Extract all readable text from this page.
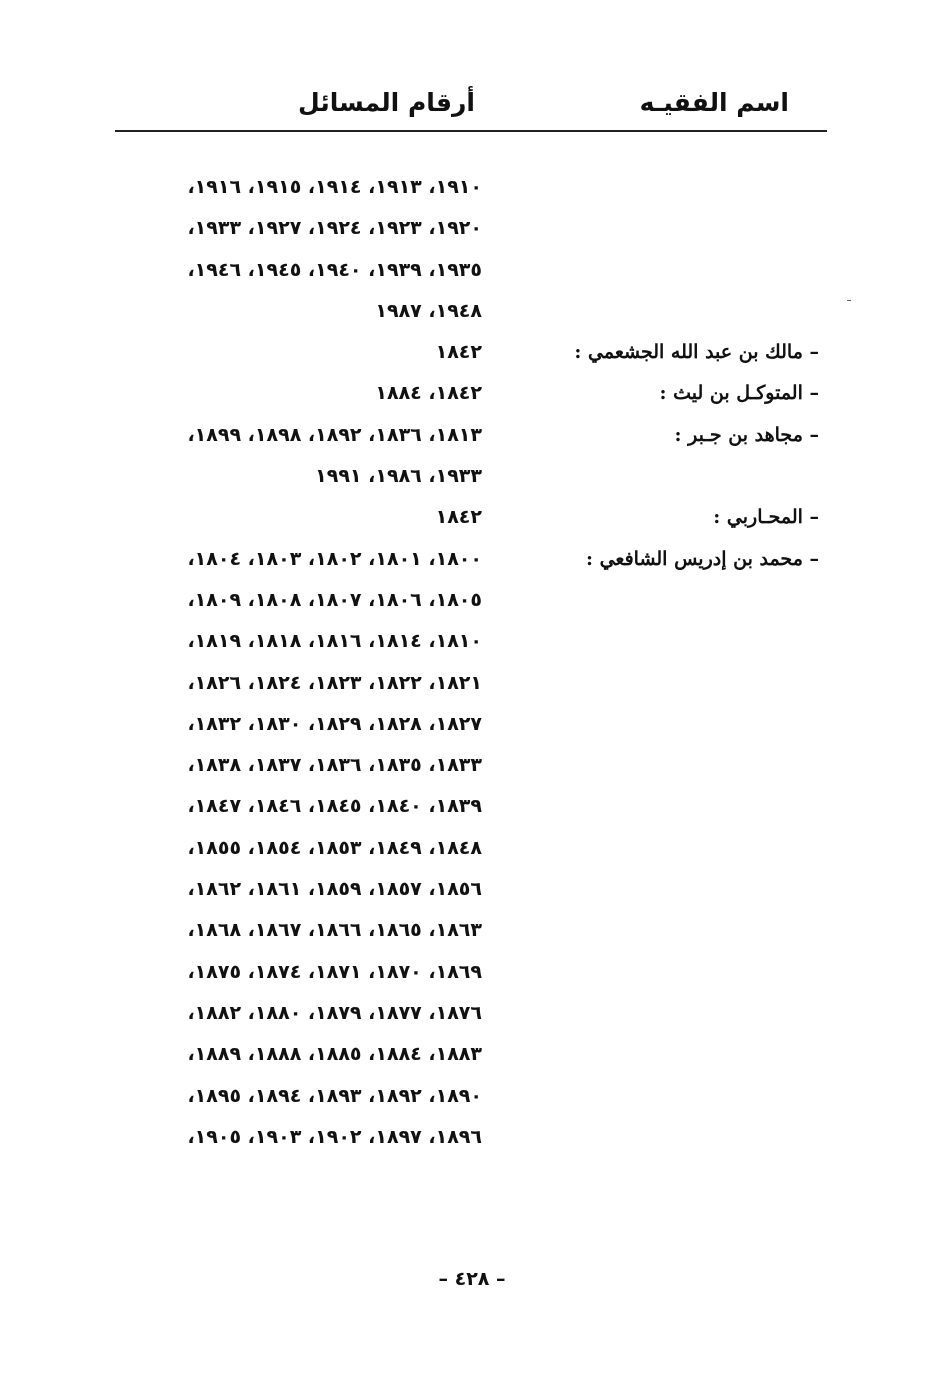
اسم الفقيـه
أرقام المسائل
١٩١٠، ١٩١٣، ١٩١٤، ١٩١٥، ١٩١٦،
١٩٢٠، ١٩٢٣، ١٩٢٤، ١٩٢٧، ١٩٣٣،
١٩٣٥، ١٩٣٩، ١٩٤٠، ١٩٤٥، ١٩٤٦،
١٩٤٨، ١٩٨٧
– مالك بن عبد الله الجشعمي :
١٨٤٢
– المتوكـل بن ليث :
١٨٤٢، ١٨٨٤
– مجاهد بن جـبر :
١٨١٣، ١٨٣٦، ١٨٩٢، ١٨٩٨، ١٨٩٩،
١٩٣٣، ١٩٨٦، ١٩٩١
– المحـاربي :
١٨٤٢
– محمد بن إدريس الشافعي :
١٨٠٠، ١٨٠١، ١٨٠٢، ١٨٠٣، ١٨٠٤،
١٨٠٥، ١٨٠٦، ١٨٠٧، ١٨٠٨، ١٨٠٩،
١٨١٠، ١٨١٤، ١٨١٦، ١٨١٨، ١٨١٩،
١٨٢١، ١٨٢٢، ١٨٢٣، ١٨٢٤، ١٨٢٦،
١٨٢٧، ١٨٢٨، ١٨٢٩، ١٨٣٠، ١٨٣٢،
١٨٣٣، ١٨٣٥، ١٨٣٦، ١٨٣٧، ١٨٣٨،
١٨٣٩، ١٨٤٠، ١٨٤٥، ١٨٤٦، ١٨٤٧،
١٨٤٨، ١٨٤٩، ١٨٥٣، ١٨٥٤، ١٨٥٥،
١٨٥٦، ١٨٥٧، ١٨٥٩، ١٨٦١، ١٨٦٢،
١٨٦٣، ١٨٦٥، ١٨٦٦، ١٨٦٧، ١٨٦٨،
١٨٦٩، ١٨٧٠، ١٨٧١، ١٨٧٤، ١٨٧٥،
١٨٧٦، ١٨٧٧، ١٨٧٩، ١٨٨٠، ١٨٨٢،
١٨٨٣، ١٨٨٤، ١٨٨٥، ١٨٨٨، ١٨٨٩،
١٨٩٠، ١٨٩٢، ١٨٩٣، ١٨٩٤، ١٨٩٥،
١٨٩٦، ١٨٩٧، ١٩٠٢، ١٩٠٣، ١٩٠٥،
– ٤٢٨ –
